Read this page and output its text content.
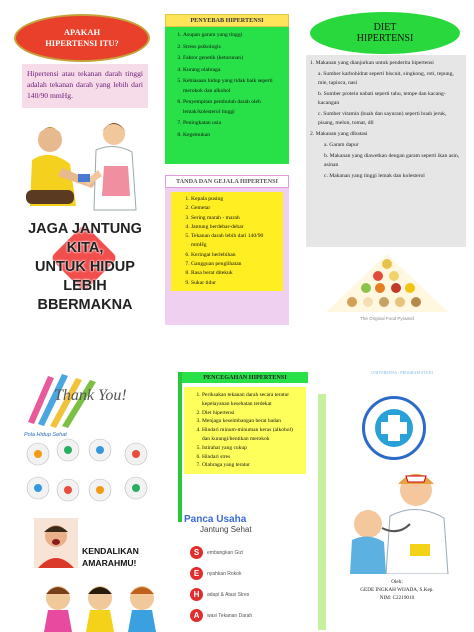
APAKAH
HIPERTENSI ITU?
Hipertensi atau tekanan darah tinggi adalah tekanan darah yang lebih dari 140/90 mmHg.
JAGA JANTUNG KITA,
UNTUK HIDUP
LEBIH BBERMAKNA
PENYEBAB HIPERTENSI
1. Asupan garam yang tinggi
2. Stress psikologis
3. Faktor genetik (keturunan)
4. Kurang olahraga
5. Kebiasaan hidup yang tidak baik seperti merokok dan alkohol
6. Penyempitan pembuluh darah oleh lemak/kolesterol tinggi
7. Peningkatan usia
8. Kegemukan
TANDA DAN GEJALA HIPERTENSI
1. Kepala pusing
2. Gemetar
3. Sering marah - marah
4. Jantung berdebar-debar
5. Tekanan darah lebih dari 140/90 mmHg
6. Keringat berlebihan
7. Gangguan penglihatan
8. Rasa berat ditekuk
9. Sukar tidur
DIET
HIPERTENSI

1. Makanan yang dianjurkan untuk penderita hipertensi

a. Sumber karbohidrat seperti biscuit, singkong, roti, tepung, mie, tapioca, nasi

b. Sumber protein nabati seperti tahu, tempe dan kacang-kacangan

c. Sumber vitamin (buah dan sayuran) seperti buah jeruk, pisang, melon, tomat, dll

2. Makanan yang dibatasi

a. Garam dapur

b. Makanan yang diawetkan dengan garam seperti ikan asin, asinan

c. Makanan yang tinggi lemak dan kolesterol

The Original Food Pyramid
Thank You!
Pola Hidup Sehat
KENDALIKAN
AMARAHMU!
PENCEGAHAN HIPERTENSI
1. Periksakan tekanan darah secara teratur kepelayanan kesehatan terdekat
2. Diet hipertensi
3. Menjaga keseimbangan berat badan
4. Hindari minum-minuman keras (alkohol) dan kurangi/hentikan merokok
5. Istirahat yang cukup
6. Hindari stres
7. Olahraga yang teratur
Panca Usaha
Jantung Sehat
S	embangkan Gizi
E	nyahkan Rokok
H	adapi & Atasi Stres
A	wasi Tekanan Darah
UNIVERSITAS / PROGRAM STUDI
Oleh:
GEDE INGKAH WIJADA, S.Kep.
NIM: C2219010
